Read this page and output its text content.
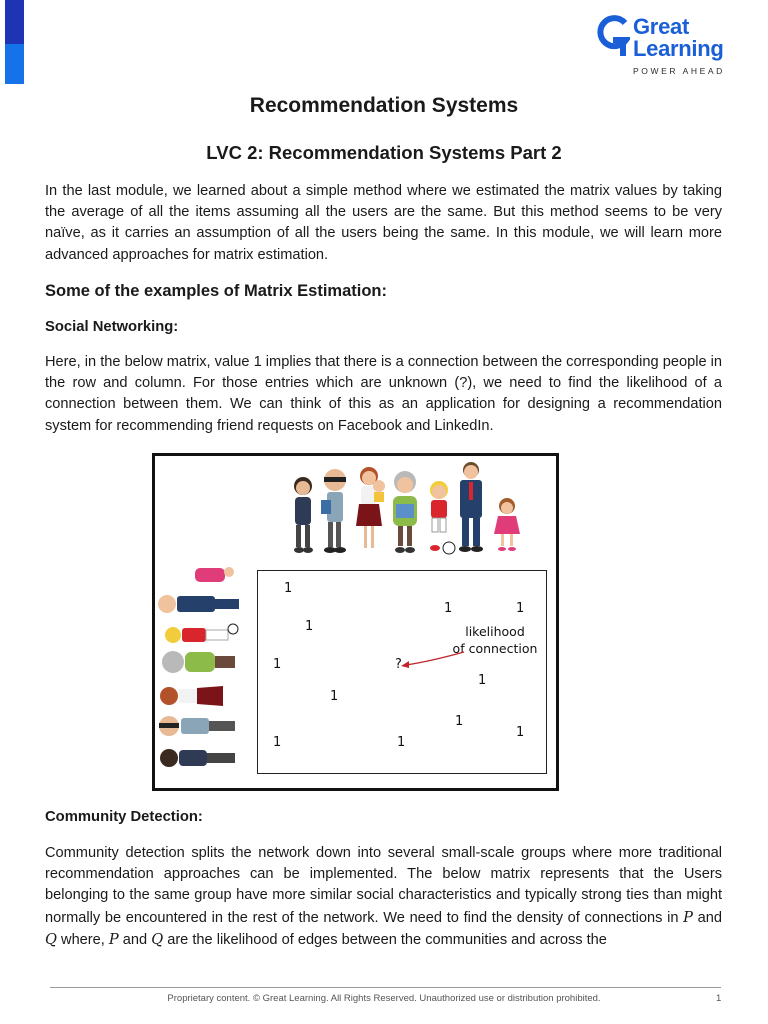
Great
Learning
POWER AHEAD
Recommendation Systems
LVC 2: Recommendation Systems Part 2

In the last module, we learned about a simple method where we estimated the matrix values by taking the average of all the items assuming all the users are the same. But this method seems to be very naïve, as it carries an assumption of all the users being the same. In this module, we will learn more advanced approaches for matrix estimation.

Some of the examples of Matrix Estimation:
Social Networking:

Here, in the below matrix, value 1 implies that there is a connection between the corresponding people in the row and column. For those entries which are unknown (?), we need to find the likelihood of a connection between them. We can think of this as an application for designing a recommendation system for recommending friend requests on Facebook and LinkedIn.

1
1	1
1
1	?
1
1
1
1
1	1
likelihood
of connection
Community Detection:

Community detection splits the network down into several small-scale groups where more traditional recommendation approaches can be implemented. The below matrix represents that the Users belonging to the same group have more similar social characteristics and typically strong ties than might normally be encountered in the rest of the network. We need to find the density of connections in P and Q where, P and Q are the likelihood of edges between the communities and across the

Proprietary content. © Great Learning. All Rights Reserved. Unauthorized use or distribution prohibited.	1
